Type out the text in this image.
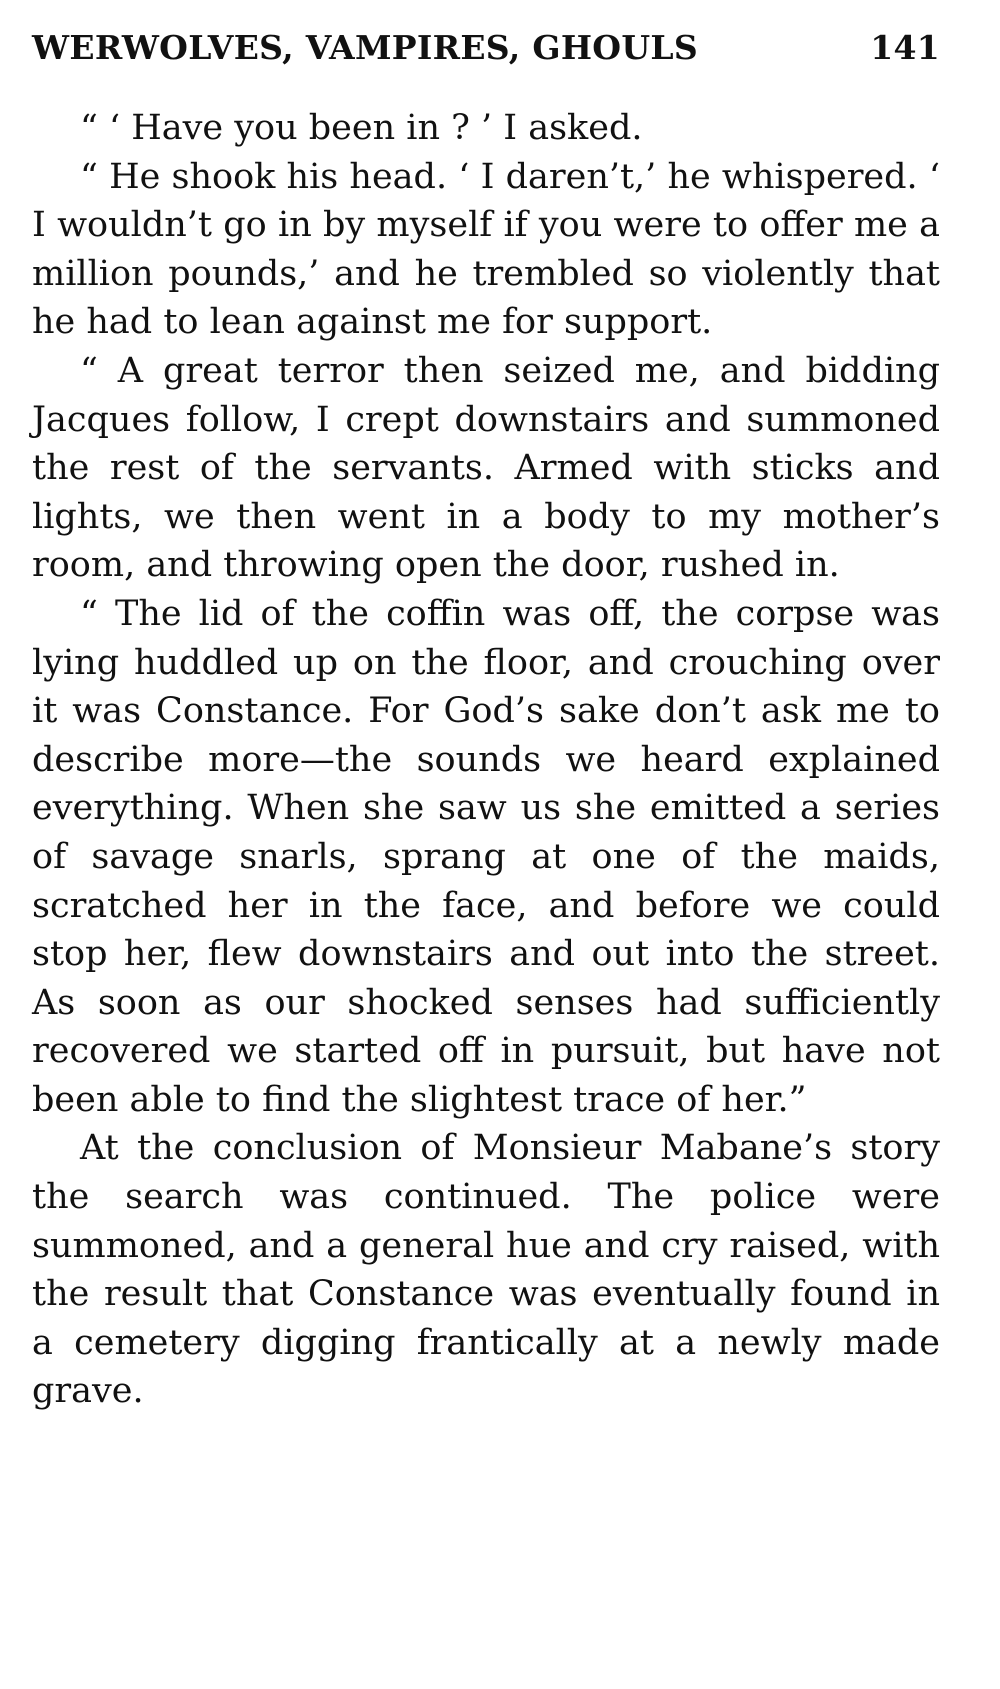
WERWOLVES, VAMPIRES, GHOULS	141

“ ‘ Have you been in ? ’ I asked.

“ He shook his head. ‘ I daren’t,’ he whispered. ‘ I wouldn’t go in by myself if you were to offer me a million pounds,’ and he trembled so violently that he had to lean against me for support.

“ A great terror then seized me, and bidding Jacques follow, I crept downstairs and summoned the rest of the servants. Armed with sticks and lights, we then went in a body to my mother’s room, and throwing open the door, rushed in.

“ The lid of the coffin was off, the corpse was lying huddled up on the floor, and crouching over it was Constance. For God’s sake don’t ask me to describe more—the sounds we heard explained everything. When she saw us she emitted a series of savage snarls, sprang at one of the maids, scratched her in the face, and before we could stop her, flew downstairs and out into the street. As soon as our shocked senses had sufficiently recovered we started off in pursuit, but have not been able to find the slightest trace of her.”

At the conclusion of Monsieur Mabane’s story the search was continued. The police were summoned, and a general hue and cry raised, with the result that Constance was eventually found in a cemetery digging frantically at a newly made grave.
